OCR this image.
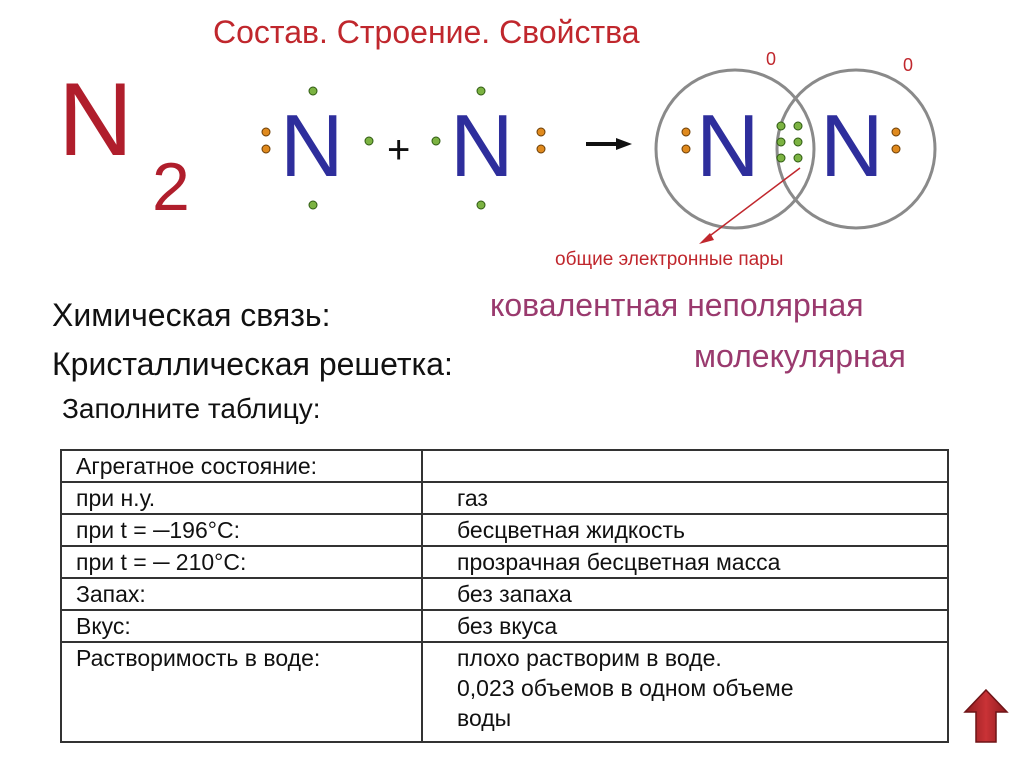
Состав. Строение. Свойства
N
2 N + N N N
0	0
общие электронные пары
Химическая связь:	ковалентная неполярная
Кристаллическая решетка:	молекулярная
Заполните таблицу:
Агрегатное состояние:	
при н.у.	газ
при t = ─196°C:	бесцветная жидкость
при t = ─ 210°C:	прозрачная бесцветная масса
Запах:	без запаха
Вкус:	без вкуса
Растворимость в воде:	плохо растворим в воде.
0,023 объемов в одном объеме
воды
